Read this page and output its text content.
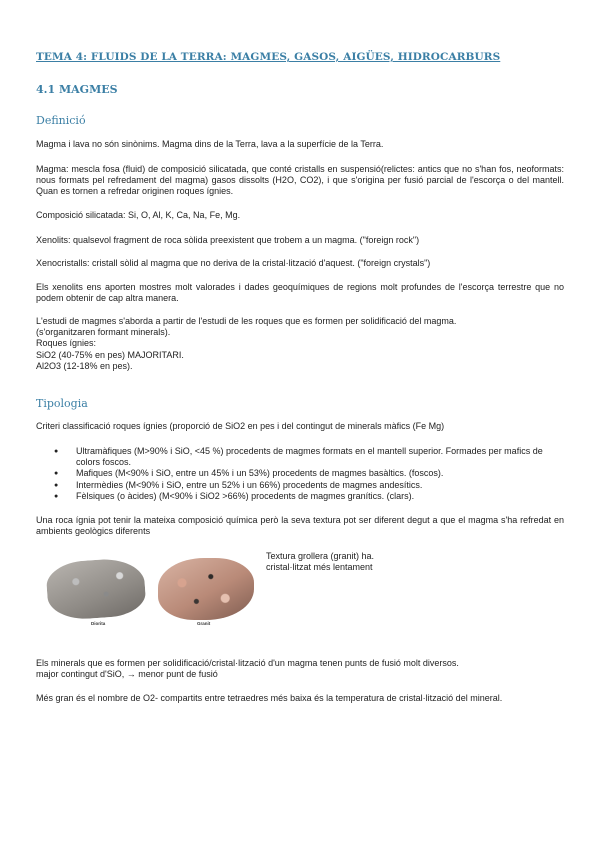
TEMA 4: FLUIDS DE LA TERRA: MAGMES, GASOS, AIGÜES, HIDROCARBURS
4.1 MAGMES
Definició
Magma i lava no són sinònims. Magma dins de la Terra, lava a la superfície de la Terra.
Magma: mescla fosa (fluid) de composició silicatada, que conté cristalls en suspensió(relictes: antics que no s'han fos, neoformats: nous formats pel refredament del magma) gasos dissolts (H2O, CO2), i que s'origina per fusió parcial de l'escorça o del mantell. Quan es tornen a refredar originen roques ígnies.
Composició silicatada: Si, O, Al, K, Ca, Na, Fe, Mg.
Xenolits: qualsevol fragment de roca sòlida preexistent que trobem a un magma. ("foreign rock")
Xenocristalls: cristall sòlid al magma que no deriva de la cristal·lització d'aquest. ("foreign crystals")
Els xenolits ens aporten mostres molt valorades i dades geoquímiques de regions molt profundes de l'escorça terrestre que no podem obtenir de cap altra manera.
L'estudi de magmes s'aborda a partir de l'estudi de les roques que es formen per solidificació del magma.
(s'organitzaren formant minerals).
Roques ígnies:
SiO2 (40-75% en pes) MAJORITARI.
Al2O3 (12-18% en pes).
Tipologia
Criteri classificació roques ígnies (proporció de SiO2 en pes i del contingut de minerals màfics (Fe Mg)
● Ultramàfiques (M>90% i SiO, <45 %) procedents de magmes formats en el mantell superior. Formades per mafics de colors foscos.
● Mafiques (M<90% i SiO, entre un 45% i un 53%) procedents de magmes basàltics. (foscos).
● Intermèdies (M<90% i SiO, entre un 52% i un 66%) procedents de magmes andesítics.
● Fèlsiques (o àcides) (M<90% i SiO2 >66%) procedents de magmes granítics. (clars).
Una roca ígnia pot tenir la mateixa composició química però la seva textura pot ser diferent degut a que el magma s'ha refredat en ambients geològics diferents
Textura grollera (granit) ha.
cristal·litzat més lentament
Diorita	Granit
Els minerals que es formen per solidificació/cristal·lització d'un magma tenen punts de fusió molt diversos.
major contingut d'SiO, → menor punt de fusió
Més gran és el nombre de O2- compartits entre tetraedres més baixa és la temperatura de cristal·lització del mineral.
